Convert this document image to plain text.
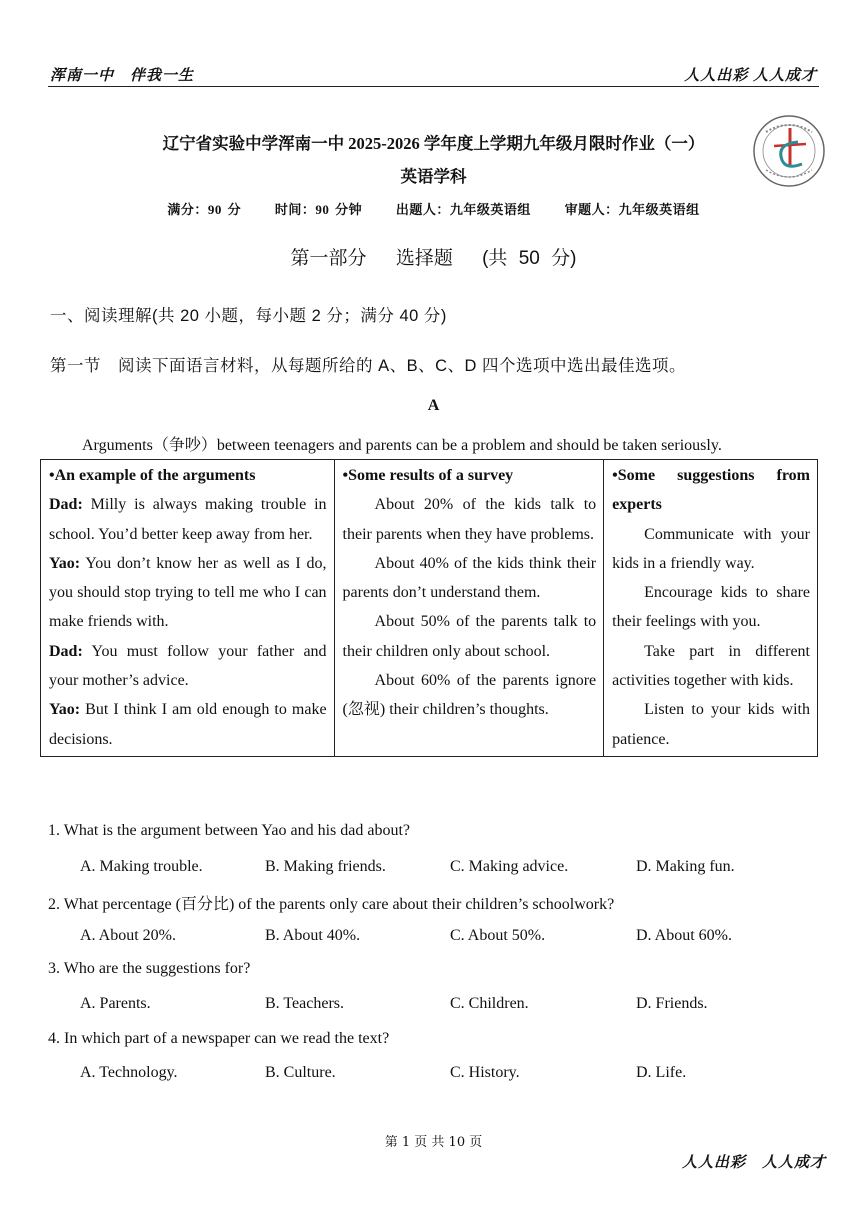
浑南一中　伴我一生	人人出彩 人人成才
辽宁省实验中学浑南一中 2025-2026 学年度上学期九年级月限时作业（一）
英语学科
满分：90 分	时间：90 分钟	出题人：九年级英语组	审题人：九年级英语组
第一部分 选择题 (共 50 分)
一、阅读理解(共 20 小题，每小题 2 分；满分 40 分)
第一节　阅读下面语言材料，从每题所给的 A、B、C、D 四个选项中选出最佳选项。
A
Arguments（争吵）between teenagers and parents can be a problem and should be taken seriously.
•An example of the arguments
Dad: Milly is always making trouble in school. You’d better keep away from her.
Yao: You don’t know her as well as I do, you should stop trying to tell me who I can make friends with.
Dad: You must follow your father and your mother’s advice.
Yao: But I think I am old enough to make decisions.

•Some results of a survey
About 20% of the kids talk to their parents when they have problems.
About 40% of the kids think their parents don’t understand them.
About 50% of the parents talk to their children only about school.
About 60% of the parents ignore (忽视) their children’s thoughts.

•Some suggestions from experts
Communicate with your kids in a friendly way.
Encourage kids to share their feelings with you.
Take part in different activities together with kids.
Listen to your kids with patience.
1. What is the argument between Yao and his dad about?
A. Making trouble.	B. Making friends.	C. Making advice.	D. Making fun.
2. What percentage (百分比) of the parents only care about their children’s schoolwork?
A. About 20%.	B. About 40%.	C. About 50%.	D. About 60%.
3. Who are the suggestions for?
A. Parents.	B. Teachers.	C. Children.	D. Friends.
4. In which part of a newspaper can we read the text?
A. Technology.	B. Culture.	C. History.	D. Life.
第 1 页 共 10 页
人人出彩　人人成才
